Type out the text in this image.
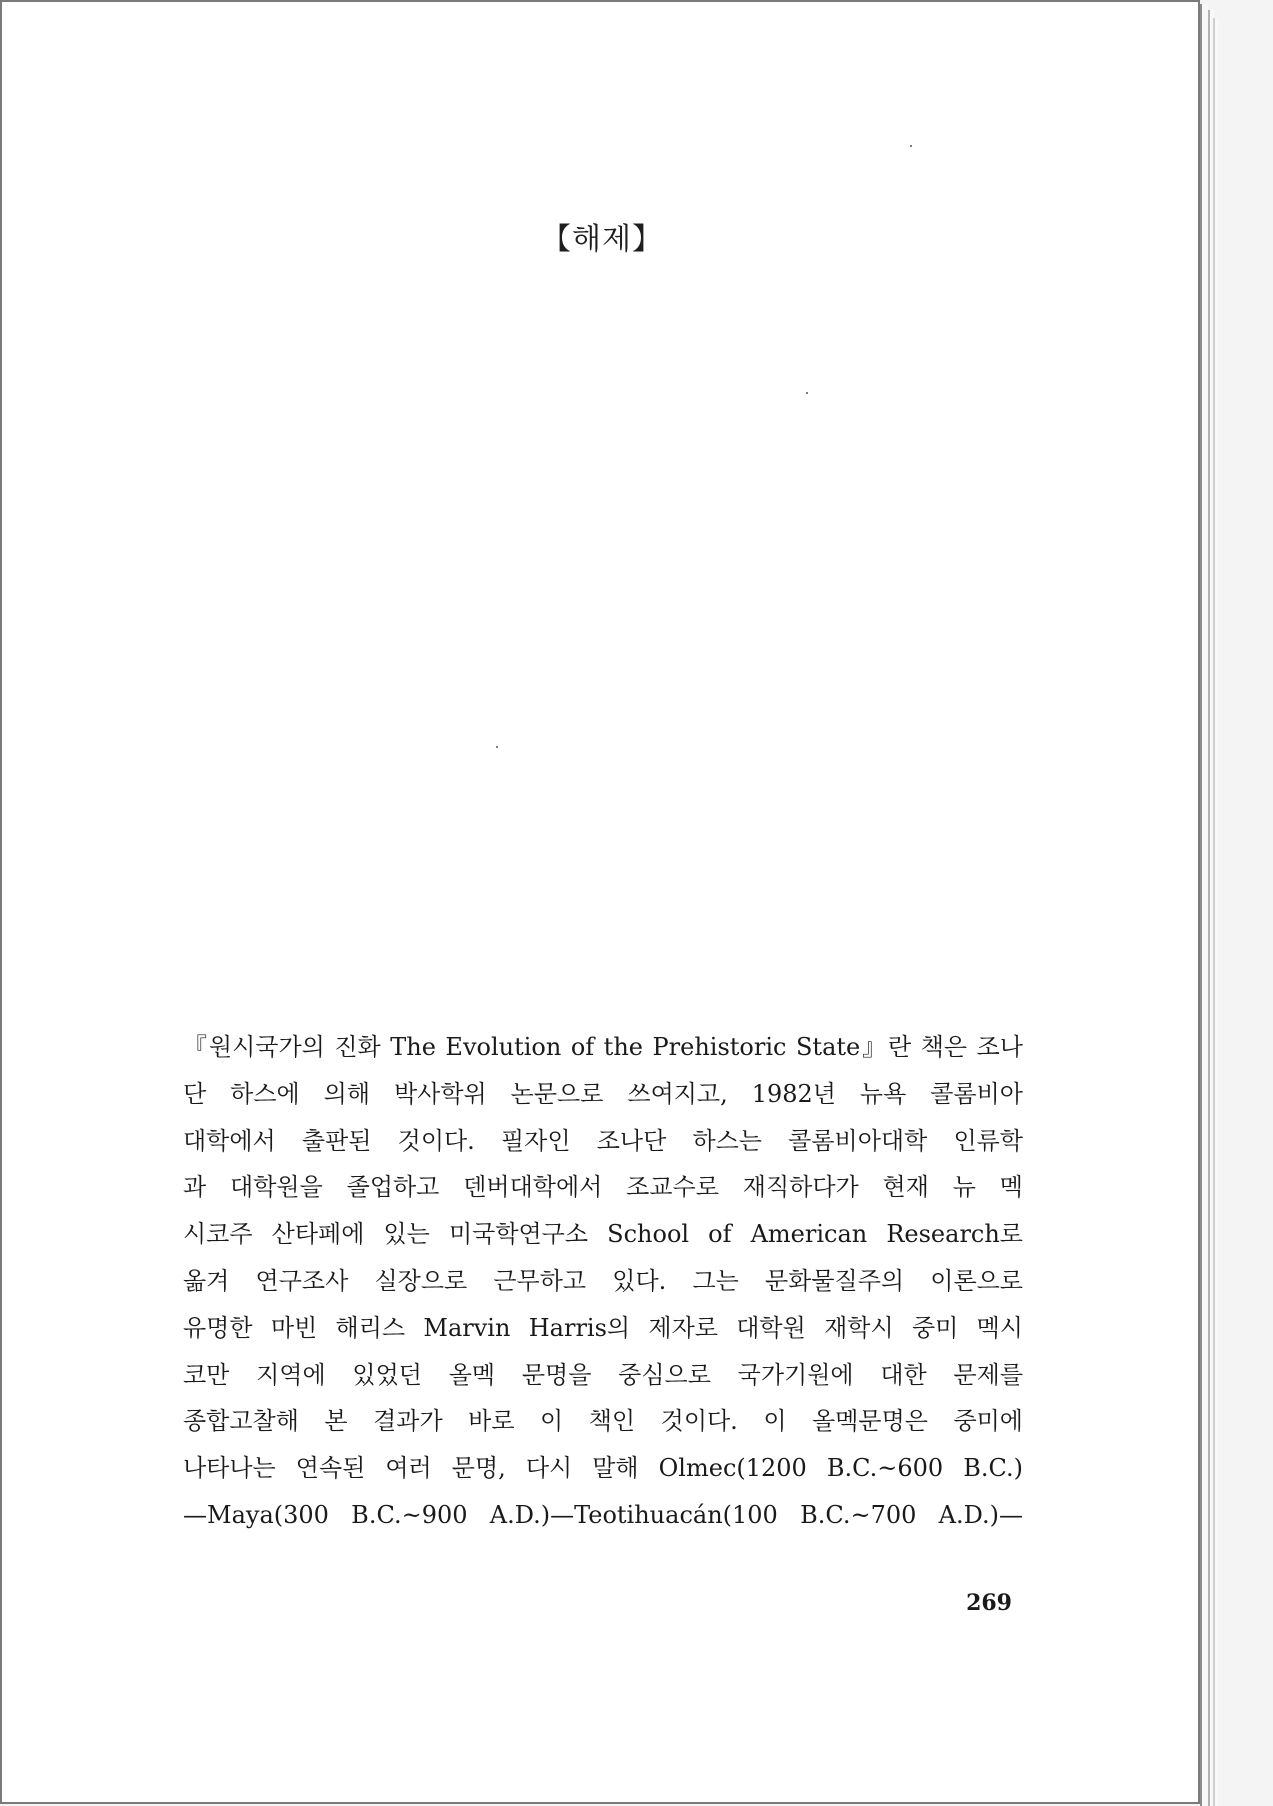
【해제】
『원시국가의 진화 The Evolution of the Prehistoric State』란 책은 조나
단 하스에 의해 박사학위 논문으로 쓰여지고, 1982년 뉴욕 콜롬비아
대학에서 출판된 것이다. 필자인 조나단 하스는 콜롬비아대학 인류학
과 대학원을 졸업하고 덴버대학에서 조교수로 재직하다가 현재 뉴 멕
시코주 산타페에 있는 미국학연구소 School of American Research로
옮겨 연구조사 실장으로 근무하고 있다. 그는 문화물질주의 이론으로
유명한 마빈 해리스 Marvin Harris의 제자로 대학원 재학시 중미 멕시
코만 지역에 있었던 올멕 문명을 중심으로 국가기원에 대한 문제를
종합고찰해 본 결과가 바로 이 책인 것이다. 이 올멕문명은 중미에
나타나는 연속된 여러 문명, 다시 말해 Olmec(1200 B.C.~600 B.C.)
—Maya(300 B.C.~900 A.D.)—Teotihuacán(100 B.C.~700 A.D.)—
269
